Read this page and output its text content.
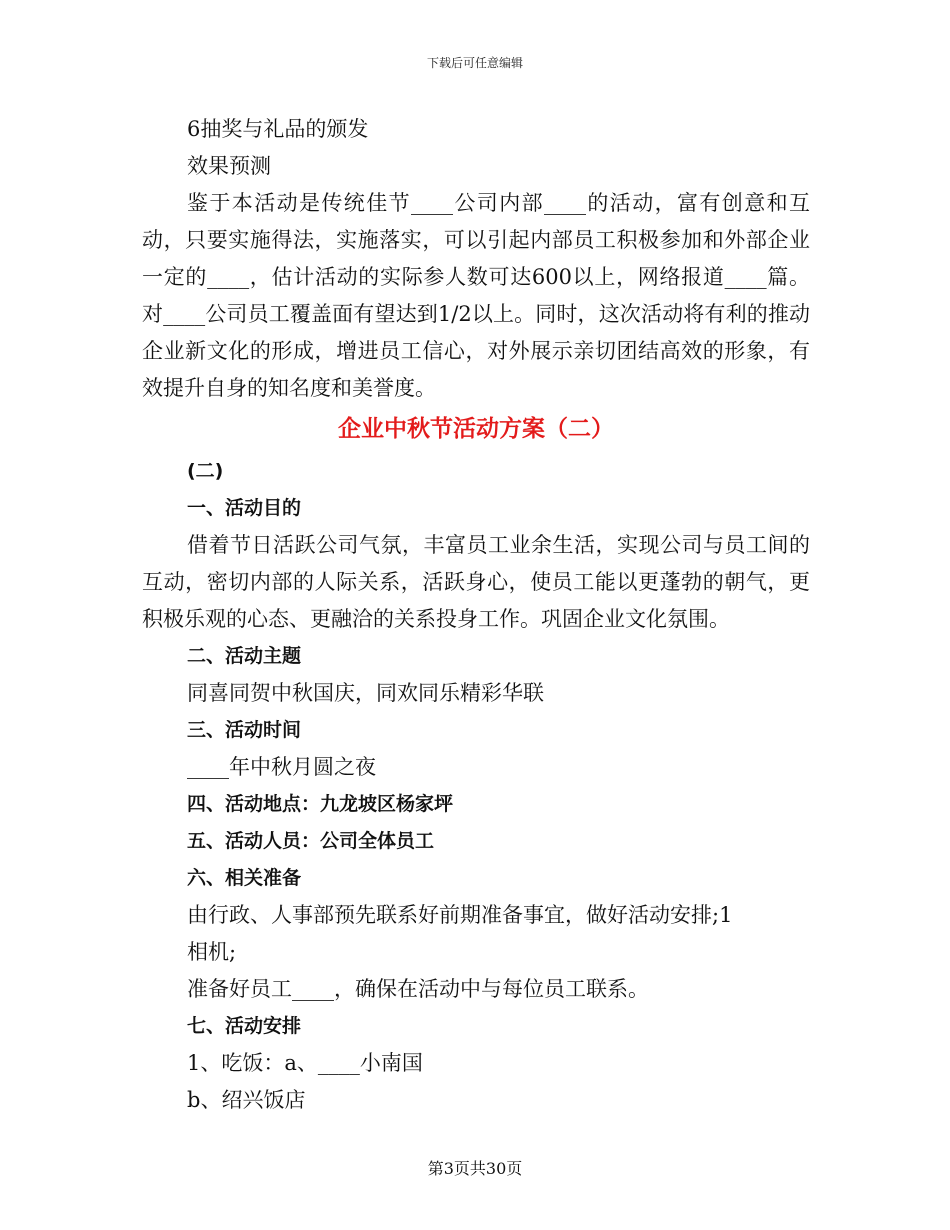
下载后可任意编辑
6抽奖与礼品的颁发
效果预测
鉴于本活动是传统佳节____公司内部____的活动，富有创意和互动，只要实施得法，实施落实，可以引起内部员工积极参加和外部企业一定的____，估计活动的实际参人数可达600以上，网络报道____篇。对____公司员工覆盖面有望达到1/2以上。同时，这次活动将有利的推动企业新文化的形成，增进员工信心，对外展示亲切团结高效的形象，有效提升自身的知名度和美誉度。
企业中秋节活动方案（二）
(二)
一、活动目的
借着节日活跃公司气氛，丰富员工业余生活，实现公司与员工间的互动，密切内部的人际关系，活跃身心，使员工能以更蓬勃的朝气，更积极乐观的心态、更融洽的关系投身工作。巩固企业文化氛围。
二、活动主题
同喜同贺中秋国庆，同欢同乐精彩华联
三、活动时间
____年中秋月圆之夜
四、活动地点：九龙坡区杨家坪
五、活动人员：公司全体员工
六、相关准备
由行政、人事部预先联系好前期准备事宜，做好活动安排;1
相机;
准备好员工____，确保在活动中与每位员工联系。
七、活动安排
1、吃饭：a、____小南国
b、绍兴饭店
第3页共30页
